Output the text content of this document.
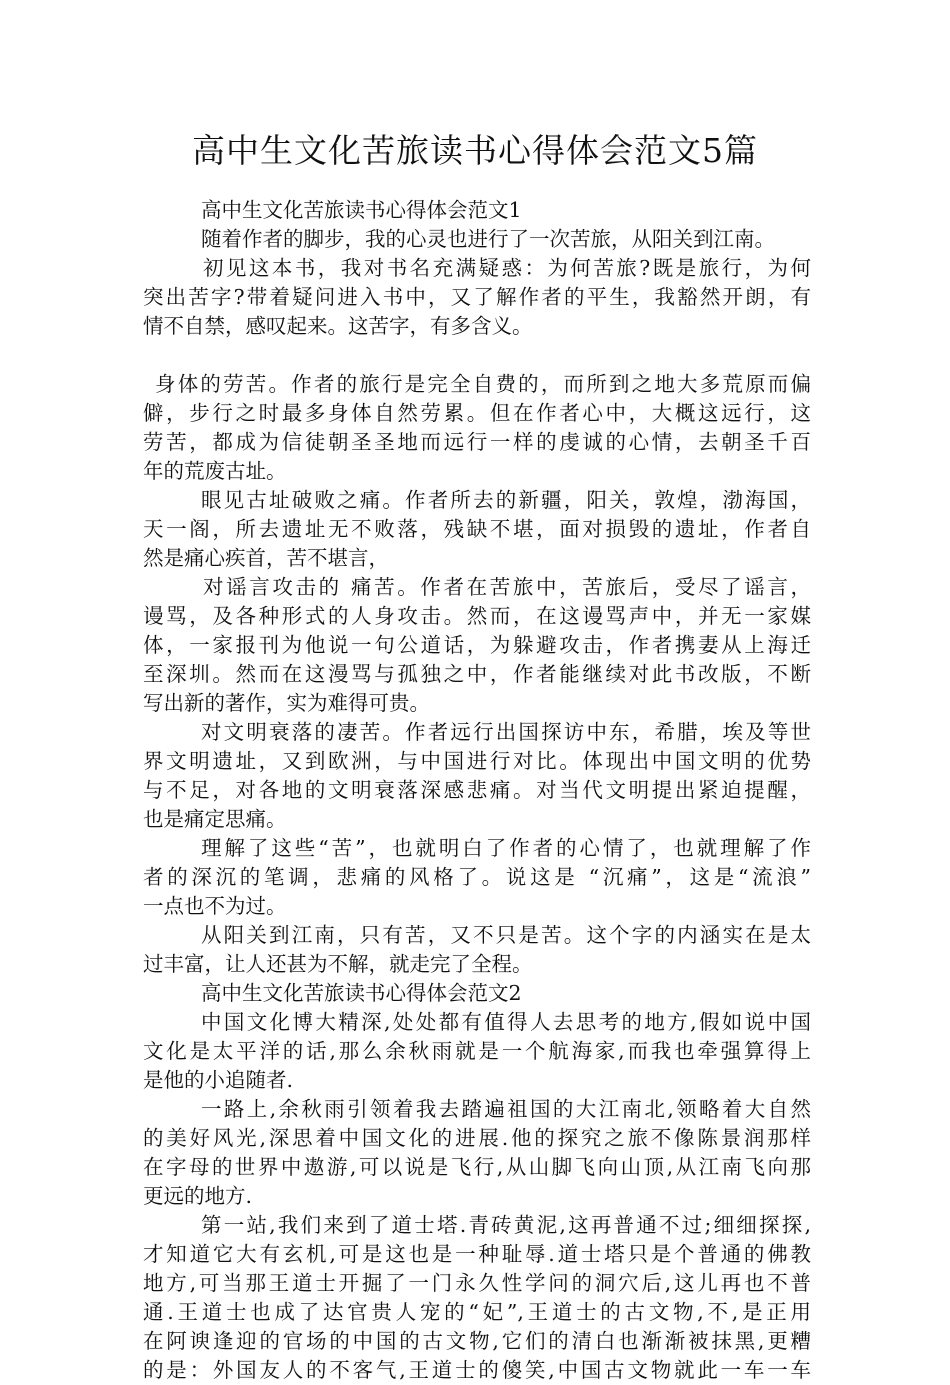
高中生文化苦旅读书心得体会范文5篇
高中生文化苦旅读书心得体会范文1
随着作者的脚步，我的心灵也进行了一次苦旅，从阳关到江南。
初见这本书，我对书名充满疑惑：为何苦旅?既是旅行，为何
突出苦字?带着疑问进入书中，又了解作者的平生，我豁然开朗，有
情不自禁，感叹起来。这苦字，有多含义。
身体的劳苦。作者的旅行是完全自费的，而所到之地大多荒原而偏
僻，步行之时最多身体自然劳累。但在作者心中，大概这远行，这
劳苦，都成为信徒朝圣圣地而远行一样的虔诚的心情，去朝圣千百
年的荒废古址。
眼见古址破败之痛。作者所去的新疆，阳关，敦煌，渤海国，
天一阁，所去遗址无不败落，残缺不堪，面对损毁的遗址，作者自
然是痛心疾首，苦不堪言，
对谣言攻击的 痛苦。作者在苦旅中，苦旅后，受尽了谣言，
谩骂，及各种形式的人身攻击。然而，在这谩骂声中，并无一家媒
体，一家报刊为他说一句公道话，为躲避攻击，作者携妻从上海迁
至深圳。然而在这漫骂与孤独之中，作者能继续对此书改版，不断
写出新的著作，实为难得可贵。
对文明衰落的凄苦。作者远行出国探访中东，希腊，埃及等世
界文明遗址，又到欧洲，与中国进行对比。体现出中国文明的优势
与不足，对各地的文明衰落深感悲痛。对当代文明提出紧迫提醒，
也是痛定思痛。
理解了这些“苦”，也就明白了作者的心情了，也就理解了作
者的深沉的笔调，悲痛的风格了。说这是 “沉痛”，这是“流浪”
一点也不为过。
从阳关到江南，只有苦，又不只是苦。这个字的内涵实在是太
过丰富，让人还甚为不解，就走完了全程。
高中生文化苦旅读书心得体会范文2
中国文化博大精深,处处都有值得人去思考的地方,假如说中国
文化是太平洋的话,那么余秋雨就是一个航海家,而我也牵强算得上
是他的小追随者.
一路上,余秋雨引领着我去踏遍祖国的大江南北,领略着大自然
的美好风光,深思着中国文化的进展.他的探究之旅不像陈景润那样
在字母的世界中遨游,可以说是飞行,从山脚飞向山顶,从江南飞向那
更远的地方.
第一站,我们来到了道士塔.青砖黄泥,这再普通不过;细细探探,
才知道它大有玄机,可是这也是一种耻辱.道士塔只是个普通的佛教
地方,可当那王道士开掘了一门永久性学问的洞穴后,这儿再也不普
通.王道士也成了达官贵人宠的“妃”,王道士的古文物,不,是正用
在阿谀逢迎的官场的中国的古文物,它们的清白也渐渐被抹黑,更糟
的是：外国友人的不客气,王道士的傻笑,中国古文物就此一车一车
